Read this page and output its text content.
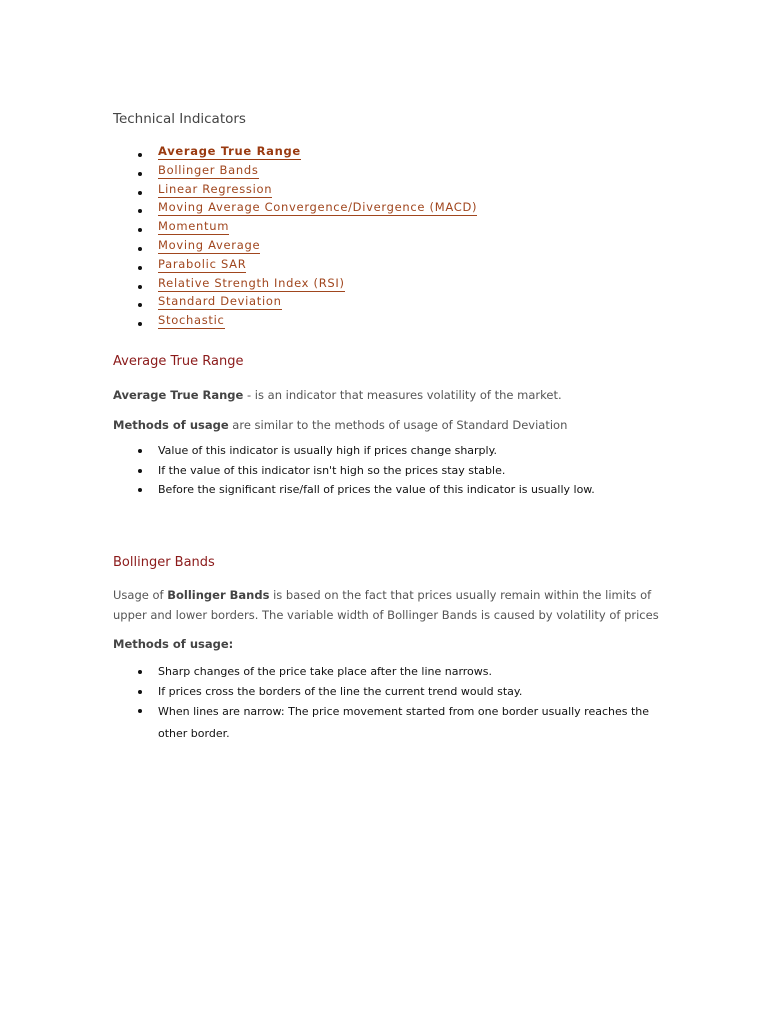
Technical Indicators
Average True Range
Bollinger Bands
Linear Regression
Moving Average Convergence/Divergence (MACD)
Momentum
Moving Average
Parabolic SAR
Relative Strength Index (RSI)
Standard Deviation
Stochastic
Average True Range

Average True Range - is an indicator that measures volatility of the market.

Methods of usage are similar to the methods of usage of Standard Deviation

Value of this indicator is usually high if prices change sharply.
If the value of this indicator isn't high so the prices stay stable.
Before the significant rise/fall of prices the value of this indicator is usually low.
Bollinger Bands

Usage of Bollinger Bands is based on the fact that prices usually remain within the limits of upper and lower borders. The variable width of Bollinger Bands is caused by volatility of prices

Methods of usage:

Sharp changes of the price take place after the line narrows.
If prices cross the borders of the line the current trend would stay.
When lines are narrow: The price movement started from one border usually reaches the other border.
